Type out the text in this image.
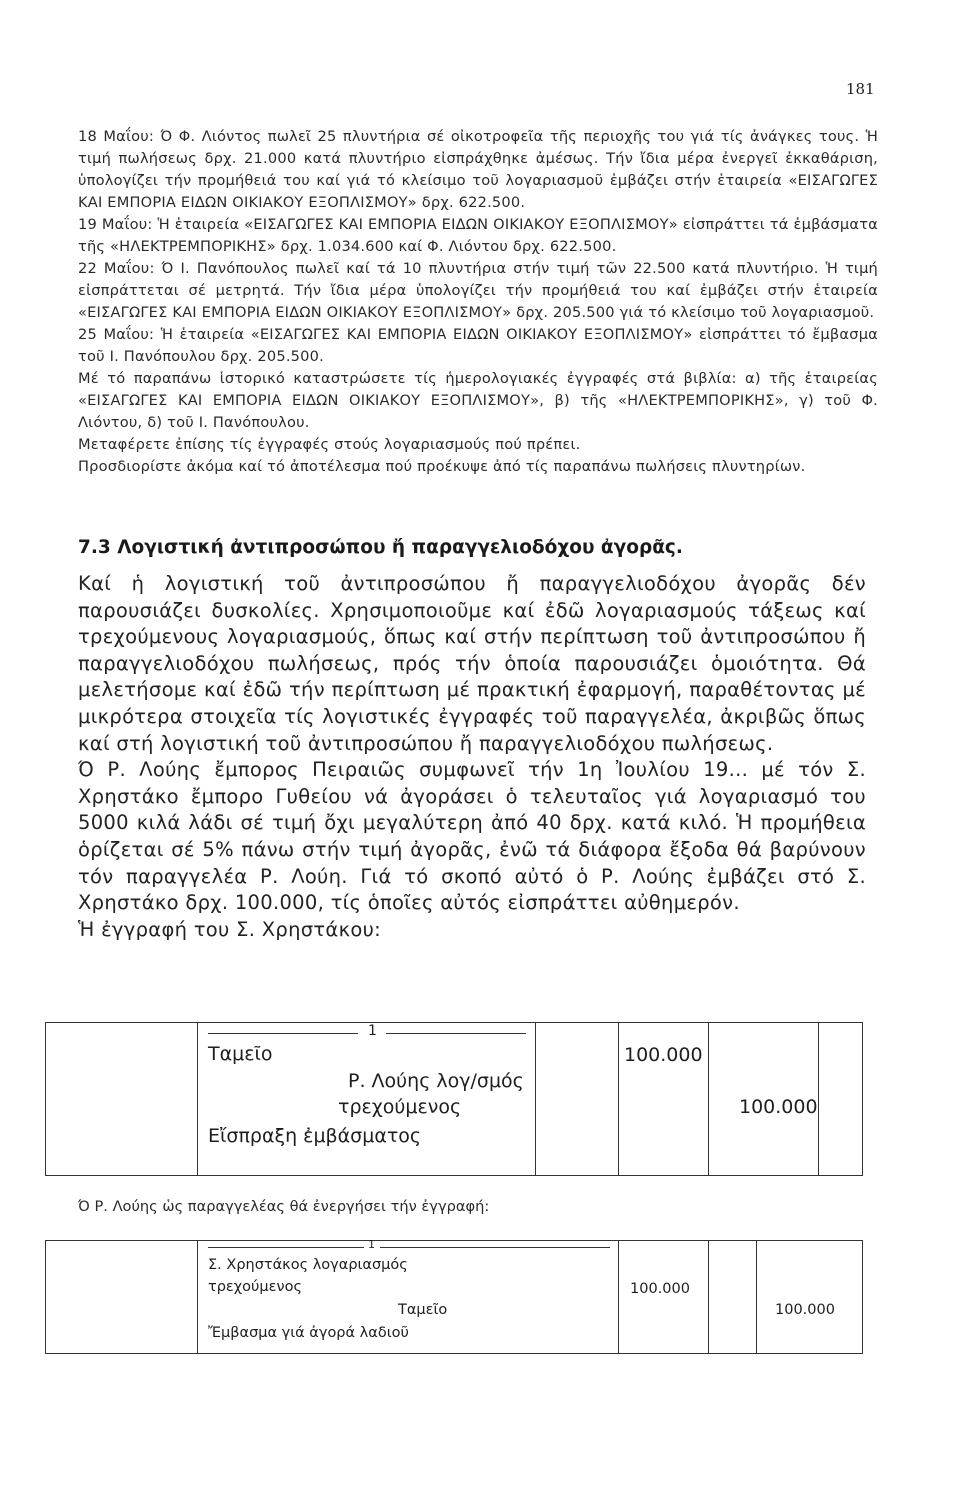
181

18 Μαΐου: Ό Φ. Λιόντος πωλεῖ 25 πλυντήρια σέ οἰκοτροφεῖα τῆς περιοχῆς του γιά τίς ἀνάγκες τους. Ἡ τιμή πωλήσεως δρχ. 21.000 κατά πλυντήριο εἰσπράχθηκε ἀμέσως. Τήν ἴδια μέρα ἐνεργεῖ ἐκκαθάριση, ὑπολογίζει τήν προμήθειά του καί γιά τό κλείσιμο τοῦ λογαριασμοῦ ἐμβάζει στήν ἑταιρεία «ΕΙΣΑΓΩΓΕΣ ΚΑΙ ΕΜΠΟΡΙΑ ΕΙΔΩΝ ΟΙΚΙΑΚΟΥ ΕΞΟΠΛΙΣΜΟΥ» δρχ. 622.500.

19 Μαΐου: Ἡ ἑταιρεία «ΕΙΣΑΓΩΓΕΣ ΚΑΙ ΕΜΠΟΡΙΑ ΕΙΔΩΝ ΟΙΚΙΑΚΟΥ ΕΞΟΠΛΙΣΜΟΥ» εἰσπράττει τά ἐμβάσματα τῆς «ΗΛΕΚΤΡΕΜΠΟΡΙΚΗΣ» δρχ. 1.034.600 καί Φ. Λιόντου δρχ. 622.500.

22 Μαΐου: Ό Ι. Πανόπουλος πωλεῖ καί τά 10 πλυντήρια στήν τιμή τῶν 22.500 κατά πλυντήριο. Ἡ τιμή εἰσπράττεται σέ μετρητά. Τήν ἴδια μέρα ὑπολογίζει τήν προμήθειά του καί ἐμβάζει στήν ἑταιρεία «ΕΙΣΑΓΩΓΕΣ ΚΑΙ ΕΜΠΟΡΙΑ ΕΙΔΩΝ ΟΙΚΙΑΚΟΥ ΕΞΟΠΛΙΣΜΟΥ» δρχ. 205.500 γιά τό κλείσιμο τοῦ λογαριασμοῦ.

25 Μαΐου: Ἡ ἑταιρεία «ΕΙΣΑΓΩΓΕΣ ΚΑΙ ΕΜΠΟΡΙΑ ΕΙΔΩΝ ΟΙΚΙΑΚΟΥ ΕΞΟΠΛΙΣΜΟΥ» εἰσπράττει τό ἔμβασμα τοῦ Ι. Πανόπουλου δρχ. 205.500.

Μέ τό παραπάνω ἱστορικό καταστρώσετε τίς ἡμερολογιακές ἐγγραφές στά βιβλία: α) τῆς ἑταιρείας «ΕΙΣΑΓΩΓΕΣ ΚΑΙ ΕΜΠΟΡΙΑ ΕΙΔΩΝ ΟΙΚΙΑΚΟΥ ΕΞΟΠΛΙΣΜΟΥ», β) τῆς «ΗΛΕΚΤΡΕΜΠΟΡΙΚΗΣ», γ) τοῦ Φ. Λιόντου, δ) τοῦ Ι. Πανόπουλου.

Μεταφέρετε ἐπίσης τίς ἐγγραφές στούς λογαριασμούς πού πρέπει.

Προσδιορίστε ἀκόμα καί τό ἀποτέλεσμα πού προέκυψε ἀπό τίς παραπάνω πωλήσεις πλυντηρίων.

7.3 Λογιστική ἀντιπροσώπου ἤ παραγγελιοδόχου ἀγορᾶς.

Καί ἡ λογιστική τοῦ ἀντιπροσώπου ἤ παραγγελιοδόχου ἀγορᾶς δέν παρουσιάζει δυσκολίες. Χρησιμοποιοῦμε καί ἐδῶ λογαριασμούς τάξεως καί τρεχούμενους λογαριασμούς, ὅπως καί στήν περίπτωση τοῦ ἀντιπροσώπου ἤ παραγγελιοδόχου πωλήσεως, πρός τήν ὁποία παρουσιάζει ὁμοιότητα. Θά μελετήσομε καί ἐδῶ τήν περίπτωση μέ πρακτική ἐφαρμογή, παραθέτοντας μέ μικρότερα στοιχεῖα τίς λογιστικές ἐγγραφές τοῦ παραγγελέα, ἀκριβῶς ὅπως καί στή λογιστική τοῦ ἀντιπροσώπου ἤ παραγγελιοδόχου πωλήσεως.

Ό Ρ. Λούης ἔμπορος Πειραιῶς συμφωνεῖ τήν 1η Ἰουλίου 19... μέ τόν Σ. Χρηστάκο ἔμπορο Γυθείου νά ἀγοράσει ὁ τελευταῖος γιά λογαριασμό του 5000 κιλά λάδι σέ τιμή ὄχι μεγαλύτερη ἀπό 40 δρχ. κατά κιλό. Ἡ προμήθεια ὁρίζεται σέ 5% πάνω στήν τιμή ἀγορᾶς, ἐνῶ τά διάφορα ἔξοδα θά βαρύνουν τόν παραγγελέα Ρ. Λούη. Γιά τό σκοπό αὐτό ὁ Ρ. Λούης ἐμβάζει στό Σ. Χρηστάκο δρχ. 100.000, τίς ὁποῖες αὐτός εἰσπράττει αὐθημερόν.

Ἡ ἐγγραφή του Σ. Χρηστάκου:

1
Ταμεῖο
Ρ. Λούης λογ/σμός
τρεχούμενος
Εἴσπραξη ἐμβάσματος
100.000
100.000
Ό Ρ. Λούης ὡς παραγγελέας θά ἐνεργήσει τήν ἐγγραφή:
1
Σ. Χρηστάκος λογαριασμός
τρεχούμενος
Ταμεῖο
Ἔμβασμα γιά ἀγορά λαδιοῦ
100.000
100.000
